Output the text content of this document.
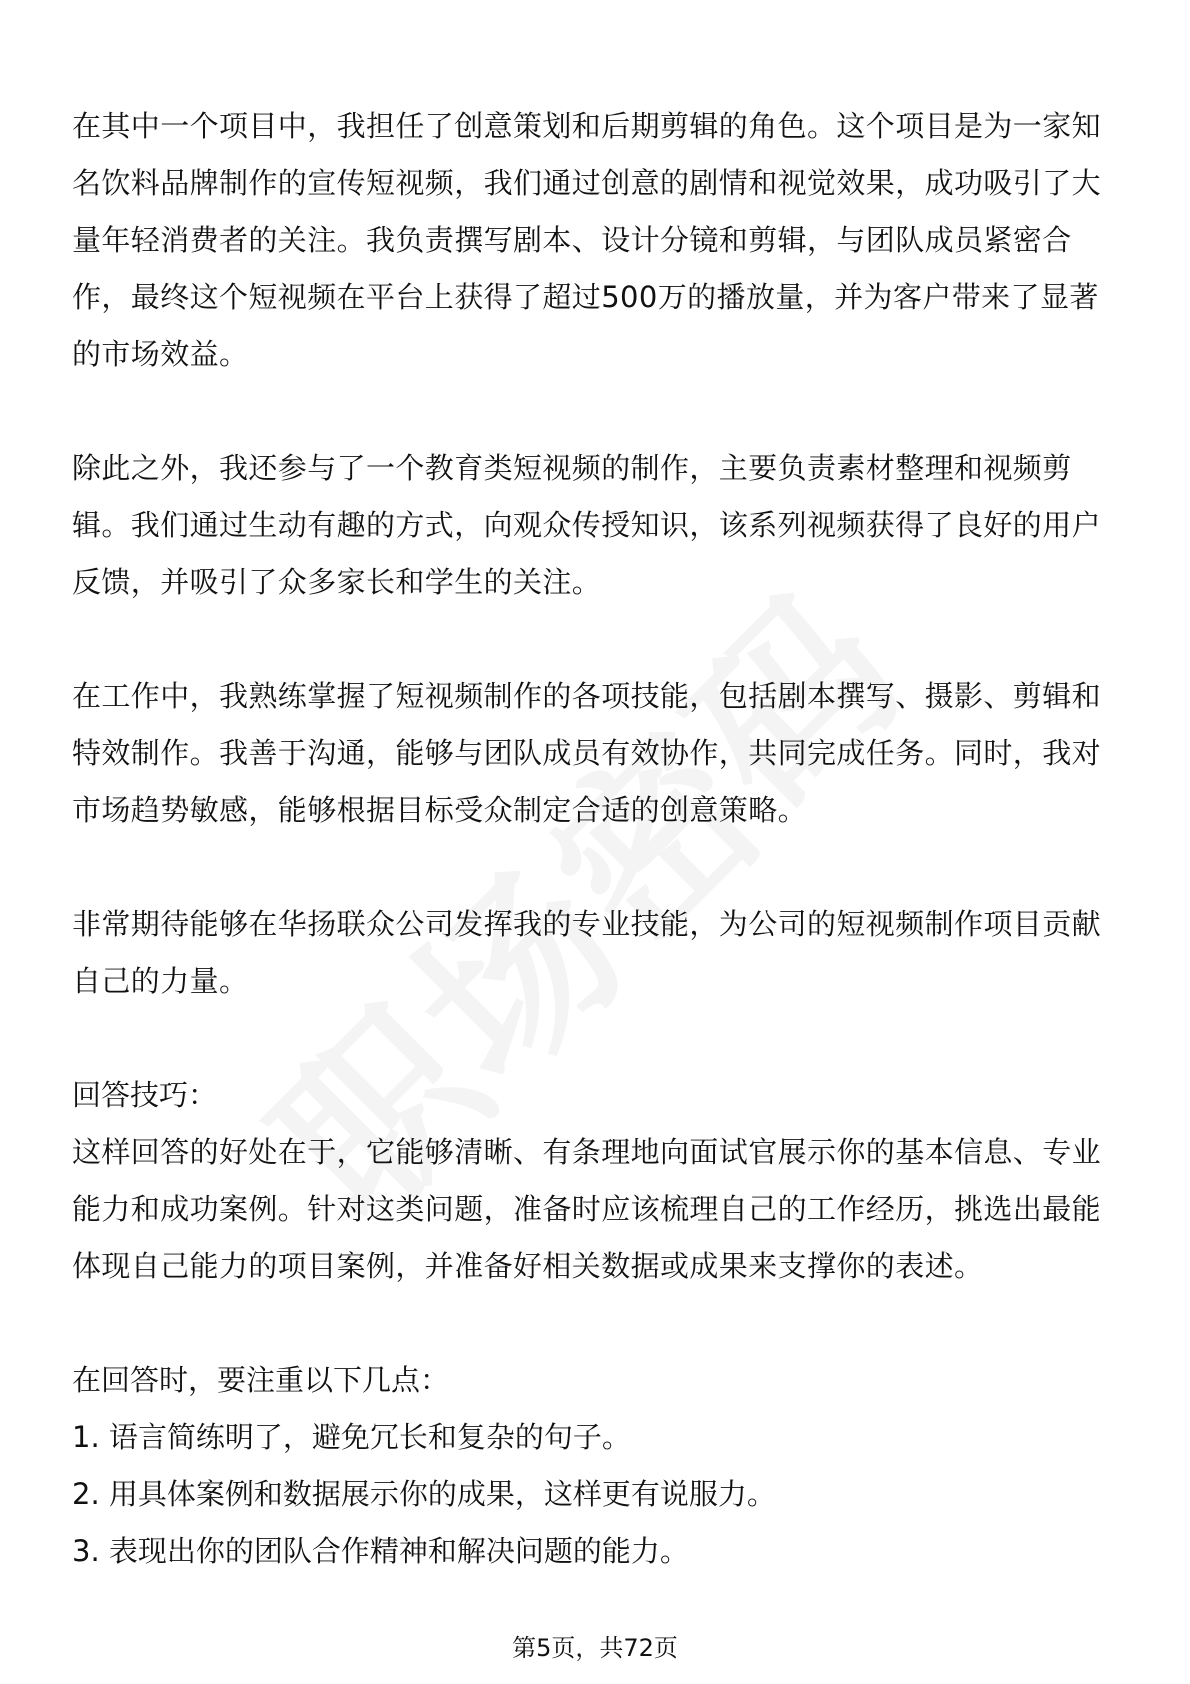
在其中一个项目中，我担任了创意策划和后期剪辑的角色。这个项目是为一家知名饮料品牌制作的宣传短视频，我们通过创意的剧情和视觉效果，成功吸引了大量年轻消费者的关注。我负责撰写剧本、设计分镜和剪辑，与团队成员紧密合作，最终这个短视频在平台上获得了超过500万的播放量，并为客户带来了显著的市场效益。

除此之外，我还参与了一个教育类短视频的制作，主要负责素材整理和视频剪辑。我们通过生动有趣的方式，向观众传授知识，该系列视频获得了良好的用户反馈，并吸引了众多家长和学生的关注。

在工作中，我熟练掌握了短视频制作的各项技能，包括剧本撰写、摄影、剪辑和特效制作。我善于沟通，能够与团队成员有效协作，共同完成任务。同时，我对市场趋势敏感，能够根据目标受众制定合适的创意策略。

非常期待能够在华扬联众公司发挥我的专业技能，为公司的短视频制作项目贡献自己的力量。

回答技巧：

这样回答的好处在于，它能够清晰、有条理地向面试官展示你的基本信息、专业能力和成功案例。针对这类问题，准备时应该梳理自己的工作经历，挑选出最能体现自己能力的项目案例，并准备好相关数据或成果来支撑你的表述。

在回答时，要注重以下几点：

1. 语言简练明了，避免冗长和复杂的句子。

2. 用具体案例和数据展示你的成果，这样更有说服力。

3. 表现出你的团队合作精神和解决问题的能力。

第5页，共72页
